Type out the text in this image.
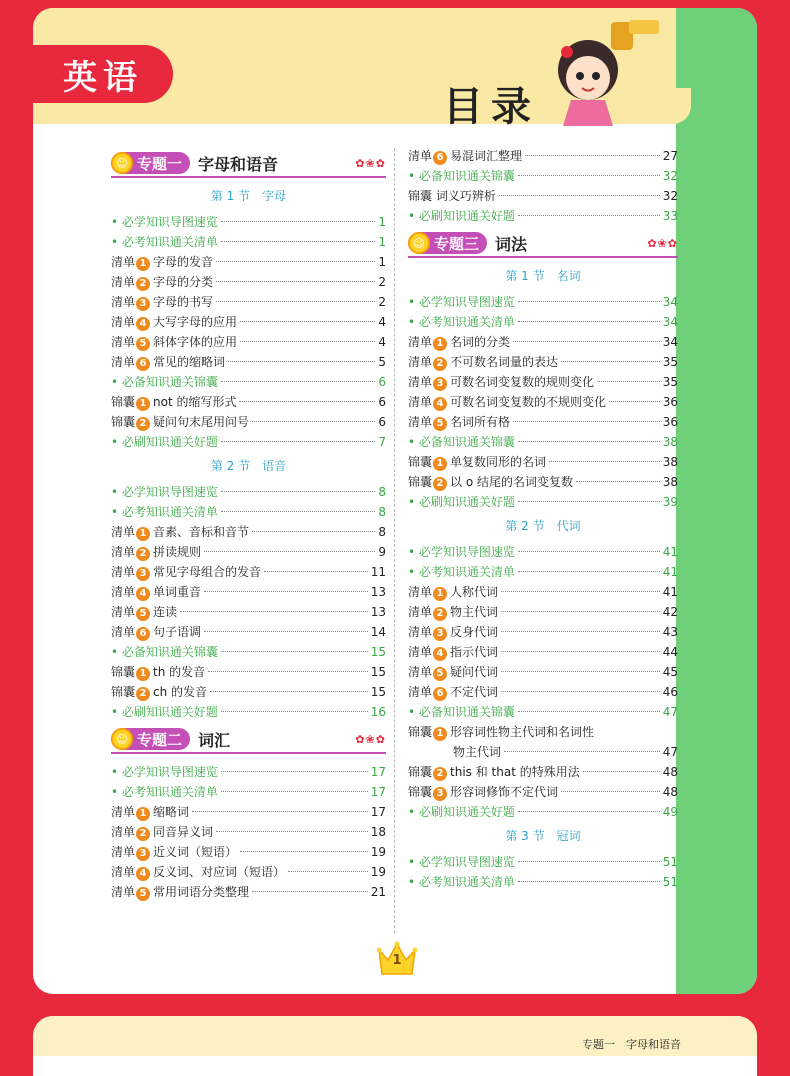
英语
目录
☺ 专题一 字母和语音	✿❀✿
第 1 节　字母
• 必学知识导图速览	1
• 必考知识通关清单	1
清单 1 字母的发音	1
清单 2 字母的分类	2
清单 3 字母的书写	2
清单 4 大写字母的应用	4
清单 5 斜体字体的应用	4
清单 6 常见的缩略词	5
• 必备知识通关锦囊	6
锦囊 1 not 的缩写形式	6
锦囊 2 疑问句末尾用问号	6
• 必刷知识通关好题	7
第 2 节　语音
• 必学知识导图速览	8
• 必考知识通关清单	8
清单 1 音素、音标和音节	8
清单 2 拼读规则	9
清单 3 常见字母组合的发音	11
清单 4 单词重音	13
清单 5 连读	13
清单 6 句子语调	14
• 必备知识通关锦囊	15
锦囊 1 th 的发音	15
锦囊 2 ch 的发音	15
• 必刷知识通关好题	16
☺ 专题二 词汇	✿❀✿
• 必学知识导图速览	17
• 必考知识通关清单	17
清单 1 缩略词	17
清单 2 同音异义词	18
清单 3 近义词（短语）	19
清单 4 反义词、对应词（短语）	19
清单 5 常用词语分类整理	21
清单 6 易混词汇整理	27
• 必备知识通关锦囊	32
锦囊 词义巧辨析	32
• 必刷知识通关好题	33
☺ 专题三 词法	✿❀✿
第 1 节　名词
• 必学知识导图速览	34
• 必考知识通关清单	34
清单 1 名词的分类	34
清单 2 不可数名词量的表达	35
清单 3 可数名词变复数的规则变化	35
清单 4 可数名词变复数的不规则变化	36
清单 5 名词所有格	36
• 必备知识通关锦囊	38
锦囊 1 单复数同形的名词	38
锦囊 2 以 o 结尾的名词变复数	38
• 必刷知识通关好题	39
第 2 节　代词
• 必学知识导图速览	41
• 必考知识通关清单	41
清单 1 人称代词	41
清单 2 物主代词	42
清单 3 反身代词	43
清单 4 指示代词	44
清单 5 疑问代词	45
清单 6 不定代词	46
• 必备知识通关锦囊	47
锦囊 1 形容词性物主代词和名词性
物主代词	47
锦囊 2 this 和 that 的特殊用法	48
锦囊 3 形容词修饰不定代词	48
• 必刷知识通关好题	49
第 3 节　冠词
• 必学知识导图速览	51
• 必考知识通关清单	51
1
专题一　字母和语音
